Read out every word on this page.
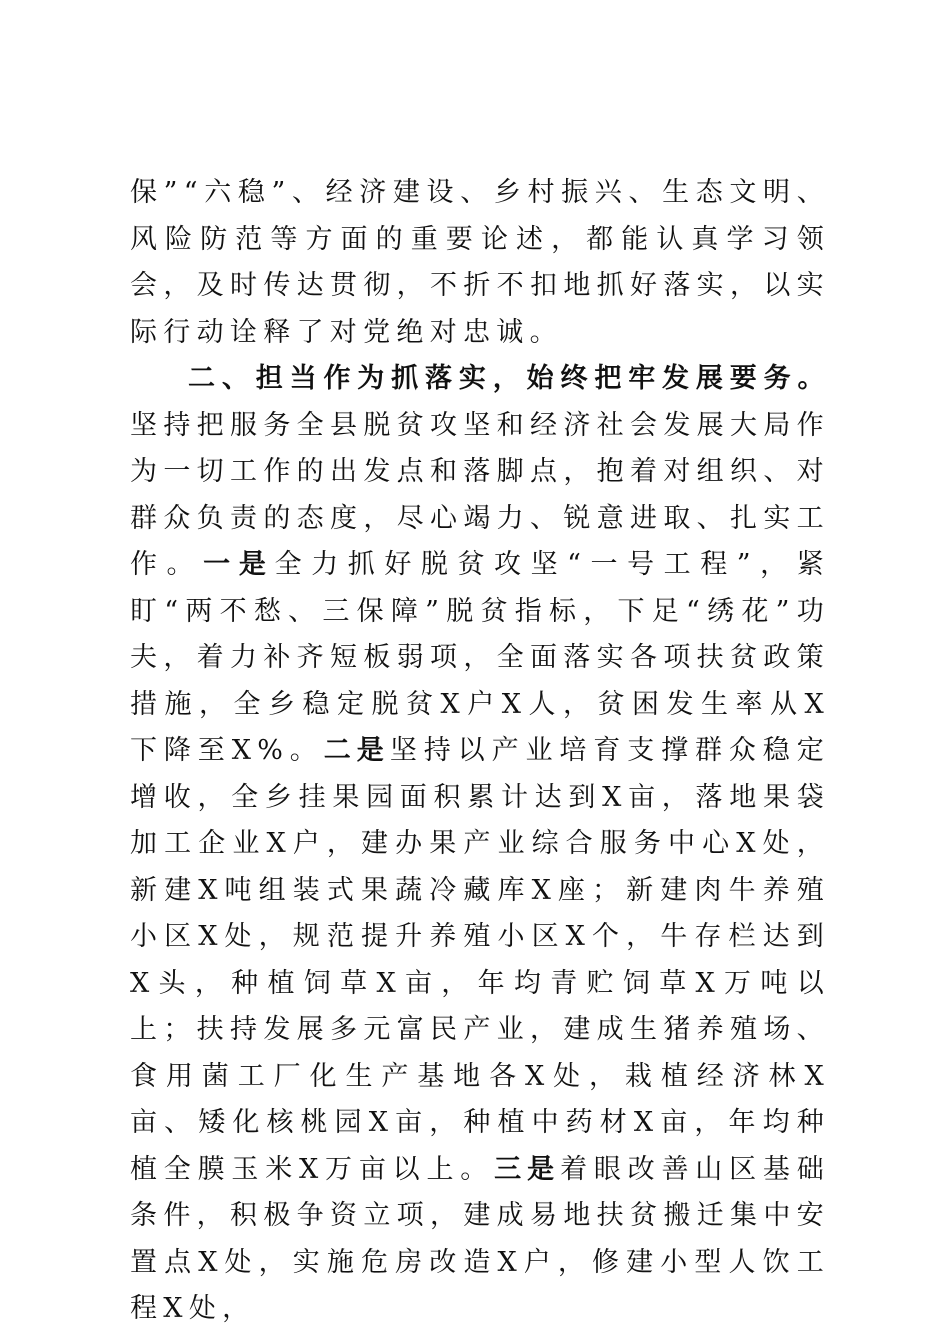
保”“六稳”、经济建设、乡村振兴、生态文明、风险防范等方面的重要论述，都能认真学习领会，及时传达贯彻，不折不扣地抓好落实，以实际行动诠释了对党绝对忠诚。

二、担当作为抓落实，始终把牢发展要务。坚持把服务全县脱贫攻坚和经济社会发展大局作为一切工作的出发点和落脚点，抱着对组织、对群众负责的态度，尽心竭力、锐意进取、扎实工作。一是全力抓好脱贫攻坚“一号工程”，紧盯“两不愁、三保障”脱贫指标，下足“绣花”功夫，着力补齐短板弱项，全面落实各项扶贫政策措施，全乡稳定脱贫X户X人，贫困发生率从X下降至X%。二是坚持以产业培育支撑群众稳定增收，全乡挂果园面积累计达到X亩，落地果袋加工企业X户，建办果产业综合服务中心X处，新建X吨组装式果蔬冷藏库X座；新建肉牛养殖小区X处，规范提升养殖小区X个，牛存栏达到X头，种植饲草X亩，年均青贮饲草X万吨以上；扶持发展多元富民产业，建成生猪养殖场、食用菌工厂化生产基地各X处，栽植经济林X亩、矮化核桃园X亩，种植中药材X亩，年均种植全膜玉米X万亩以上。三是着眼改善山区基础条件，积极争资立项，建成易地扶贫搬迁集中安置点X处，实施危房改造X户，修建小型人饮工程X处，
